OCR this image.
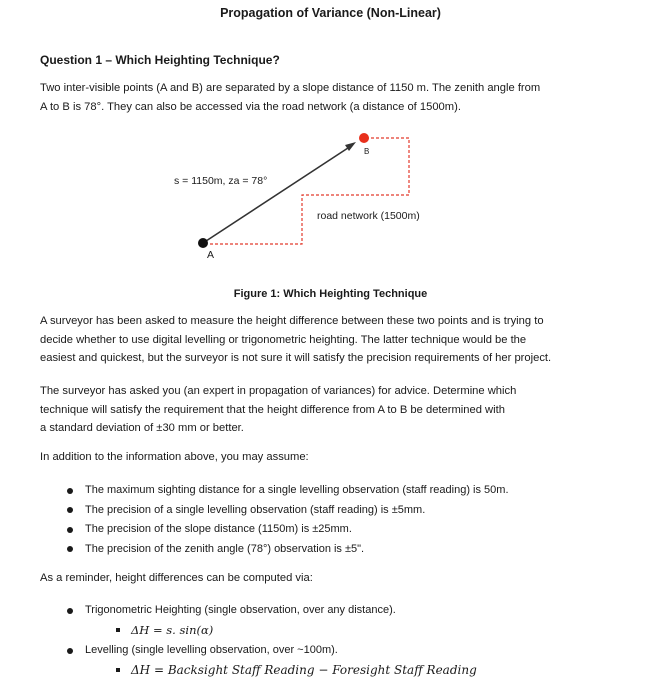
Propagation of Variance (Non-Linear)
Question 1 – Which Heighting Technique?
Two inter-visible points (A and B) are separated by a slope distance of 1150 m. The zenith angle from
A to B is 78°. They can also be accessed via the road network (a distance of 1500m).
A
B
s = 1150m, za = 78°
road network (1500m)
Figure 1: Which Heighting Technique
A surveyor has been asked to measure the height difference between these two points and is trying to
decide whether to use digital levelling or trigonometric heighting. The latter technique would be the
easiest and quickest, but the surveyor is not sure it will satisfy the precision requirements of her project.
The surveyor has asked you (an expert in propagation of variances) for advice. Determine which
technique will satisfy the requirement that the height difference from A to B be determined with
a standard deviation of ±30 mm or better.
In addition to the information above, you may assume:
The maximum sighting distance for a single levelling observation (staff reading) is 50m.
The precision of a single levelling observation (staff reading) is ±5mm.
The precision of the slope distance (1150m) is ±25mm.
The precision of the zenith angle (78°) observation is ±5".
As a reminder, height differences can be computed via:
Trigonometric Heighting (single observation, over any distance).
ΔH = s. sin(α)
Levelling (single levelling observation, over ~100m).
ΔH = Backsight Staff Reading − Foresight Staff Reading
